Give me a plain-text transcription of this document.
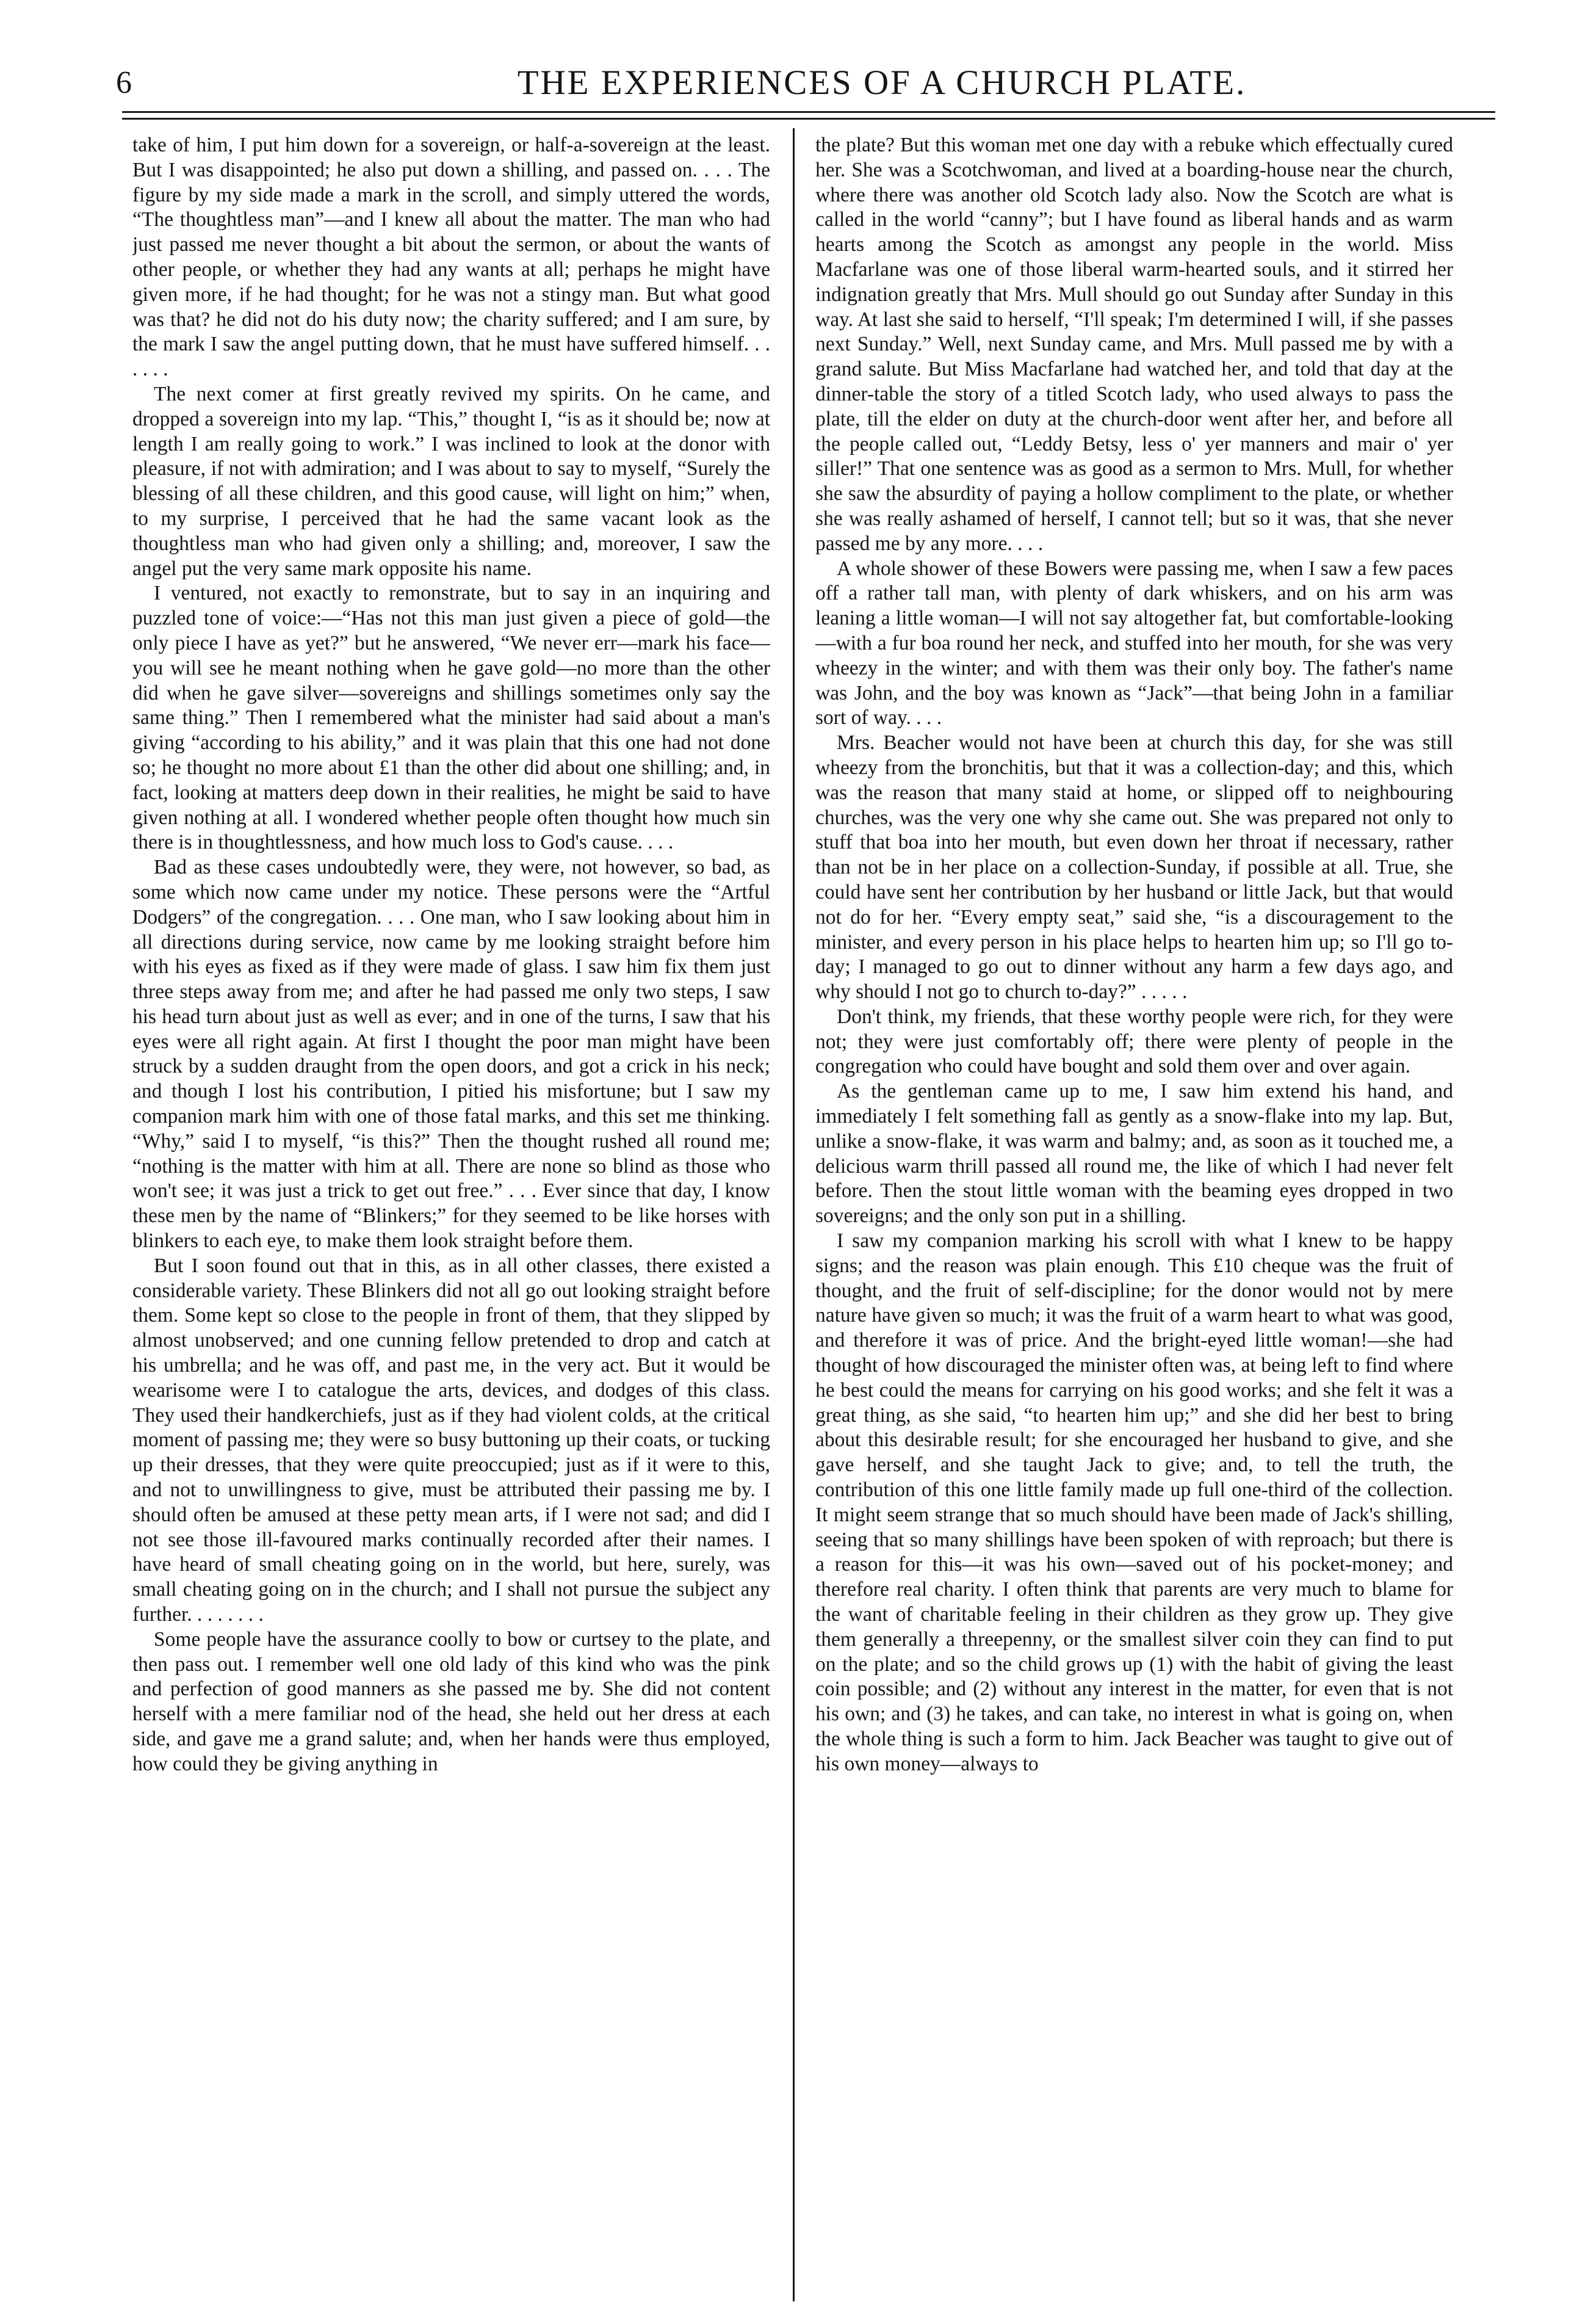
6	THE EXPERIENCES OF A CHURCH PLATE.

take of him, I put him down for a sovereign, or half-a-sovereign at the least. But I was disappointed; he also put down a shilling, and passed on. . . . The figure by my side made a mark in the scroll, and simply uttered the words, “The thoughtless man”—and I knew all about the matter. The man who had just passed me never thought a bit about the sermon, or about the wants of other people, or whether they had any wants at all; perhaps he might have given more, if he had thought; for he was not a stingy man. But what good was that? he did not do his duty now; the charity suffered; and I am sure, by the mark I saw the angel putting down, that he must have suffered himself. . . . . . .

The next comer at first greatly revived my spirits. On he came, and dropped a sovereign into my lap. “This,” thought I, “is as it should be; now at length I am really going to work.” I was inclined to look at the donor with pleasure, if not with admiration; and I was about to say to myself, “Surely the blessing of all these children, and this good cause, will light on him;” when, to my surprise, I perceived that he had the same vacant look as the thoughtless man who had given only a shilling; and, moreover, I saw the angel put the very same mark opposite his name.

I ventured, not exactly to remonstrate, but to say in an inquiring and puzzled tone of voice:—“Has not this man just given a piece of gold—the only piece I have as yet?” but he answered, “We never err—mark his face—you will see he meant nothing when he gave gold—no more than the other did when he gave silver—sovereigns and shillings sometimes only say the same thing.” Then I remembered what the minister had said about a man's giving “according to his ability,” and it was plain that this one had not done so; he thought no more about £1 than the other did about one shilling; and, in fact, looking at matters deep down in their realities, he might be said to have given nothing at all. I wondered whether people often thought how much sin there is in thoughtlessness, and how much loss to God's cause. . . .

Bad as these cases undoubtedly were, they were, not however, so bad, as some which now came under my notice. These persons were the “Artful Dodgers” of the congregation. . . . One man, who I saw looking about him in all directions during service, now came by me looking straight before him with his eyes as fixed as if they were made of glass. I saw him fix them just three steps away from me; and after he had passed me only two steps, I saw his head turn about just as well as ever; and in one of the turns, I saw that his eyes were all right again. At first I thought the poor man might have been struck by a sudden draught from the open doors, and got a crick in his neck; and though I lost his contribution, I pitied his misfortune; but I saw my companion mark him with one of those fatal marks, and this set me thinking. “Why,” said I to myself, “is this?” Then the thought rushed all round me; “nothing is the matter with him at all. There are none so blind as those who won't see; it was just a trick to get out free.” . . . Ever since that day, I know these men by the name of “Blinkers;” for they seemed to be like horses with blinkers to each eye, to make them look straight before them.

But I soon found out that in this, as in all other classes, there existed a considerable variety. These Blinkers did not all go out looking straight before them. Some kept so close to the people in front of them, that they slipped by almost unobserved; and one cunning fellow pretended to drop and catch at his umbrella; and he was off, and past me, in the very act. But it would be wearisome were I to catalogue the arts, devices, and dodges of this class. They used their handkerchiefs, just as if they had violent colds, at the critical moment of passing me; they were so busy buttoning up their coats, or tucking up their dresses, that they were quite preoccupied; just as if it were to this, and not to unwillingness to give, must be attributed their passing me by. I should often be amused at these petty mean arts, if I were not sad; and did I not see those ill-favoured marks continually recorded after their names. I have heard of small cheating going on in the world, but here, surely, was small cheating going on in the church; and I shall not pursue the subject any further. . . . . . . .

Some people have the assurance coolly to bow or curtsey to the plate, and then pass out. I remember well one old lady of this kind who was the pink and perfection of good manners as she passed me by. She did not content herself with a mere familiar nod of the head, she held out her dress at each side, and gave me a grand salute; and, when her hands were thus employed, how could they be giving anything in

the plate? But this woman met one day with a rebuke which effectually cured her. She was a Scotchwoman, and lived at a boarding-house near the church, where there was another old Scotch lady also. Now the Scotch are what is called in the world “canny”; but I have found as liberal hands and as warm hearts among the Scotch as amongst any people in the world. Miss Macfarlane was one of those liberal warm-hearted souls, and it stirred her indignation greatly that Mrs. Mull should go out Sunday after Sunday in this way. At last she said to herself, “I'll speak; I'm determined I will, if she passes next Sunday.” Well, next Sunday came, and Mrs. Mull passed me by with a grand salute. But Miss Macfarlane had watched her, and told that day at the dinner-table the story of a titled Scotch lady, who used always to pass the plate, till the elder on duty at the church-door went after her, and before all the people called out, “Leddy Betsy, less o' yer manners and mair o' yer siller!” That one sentence was as good as a sermon to Mrs. Mull, for whether she saw the absurdity of paying a hollow compliment to the plate, or whether she was really ashamed of herself, I cannot tell; but so it was, that she never passed me by any more. . . .

A whole shower of these Bowers were passing me, when I saw a few paces off a rather tall man, with plenty of dark whiskers, and on his arm was leaning a little woman—I will not say altogether fat, but comfortable-looking—with a fur boa round her neck, and stuffed into her mouth, for she was very wheezy in the winter; and with them was their only boy. The father's name was John, and the boy was known as “Jack”—that being John in a familiar sort of way. . . .

Mrs. Beacher would not have been at church this day, for she was still wheezy from the bronchitis, but that it was a collection-day; and this, which was the reason that many staid at home, or slipped off to neighbouring churches, was the very one why she came out. She was prepared not only to stuff that boa into her mouth, but even down her throat if necessary, rather than not be in her place on a collection-Sunday, if possible at all. True, she could have sent her contribution by her husband or little Jack, but that would not do for her. “Every empty seat,” said she, “is a discouragement to the minister, and every person in his place helps to hearten him up; so I'll go to-day; I managed to go out to dinner without any harm a few days ago, and why should I not go to church to-day?” . . . . .

Don't think, my friends, that these worthy people were rich, for they were not; they were just comfortably off; there were plenty of people in the congregation who could have bought and sold them over and over again.

As the gentleman came up to me, I saw him extend his hand, and immediately I felt something fall as gently as a snow-flake into my lap. But, unlike a snow-flake, it was warm and balmy; and, as soon as it touched me, a delicious warm thrill passed all round me, the like of which I had never felt before. Then the stout little woman with the beaming eyes dropped in two sovereigns; and the only son put in a shilling.

I saw my companion marking his scroll with what I knew to be happy signs; and the reason was plain enough. This £10 cheque was the fruit of thought, and the fruit of self-discipline; for the donor would not by mere nature have given so much; it was the fruit of a warm heart to what was good, and therefore it was of price. And the bright-eyed little woman!—she had thought of how discouraged the minister often was, at being left to find where he best could the means for carrying on his good works; and she felt it was a great thing, as she said, “to hearten him up;” and she did her best to bring about this desirable result; for she encouraged her husband to give, and she gave herself, and she taught Jack to give; and, to tell the truth, the contribution of this one little family made up full one-third of the collection. It might seem strange that so much should have been made of Jack's shilling, seeing that so many shillings have been spoken of with reproach; but there is a reason for this—it was his own—saved out of his pocket-money; and therefore real charity. I often think that parents are very much to blame for the want of charitable feeling in their children as they grow up. They give them generally a threepenny, or the smallest silver coin they can find to put on the plate; and so the child grows up (1) with the habit of giving the least coin possible; and (2) without any interest in the matter, for even that is not his own; and (3) he takes, and can take, no interest in what is going on, when the whole thing is such a form to him. Jack Beacher was taught to give out of his own money—always to
